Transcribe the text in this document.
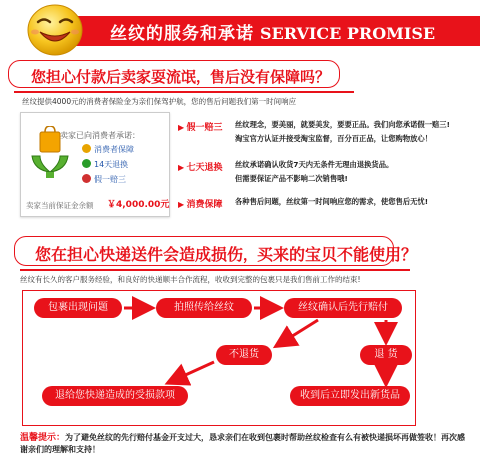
丝纹的服务和承诺 SERVICE PROMISE
您担心付款后卖家耍流氓，售后没有保障吗？
丝纹提供4000元的消费者保险金为亲们保驾护航，您的售后问题我们第一时间响应
卖家已向消费者承诺：
消费者保障
14天退换
假一赔三
卖家当前保证金余额 ￥4,000.00元
▶ 假一赔三 丝纹理念，要美丽，就要美发，要要正品。我们向您承诺假一赔三!
淘宝官方认证并接受淘宝监督，百分百正品，让您购物放心！
▶ 七天退换 丝纹承诺确认收货7天内无条件无理由退换货品。
但需要保证产品不影响二次销售哦!
▶ 消费保障 各种售后问题，丝纹第一时间响应您的需求，使您售后无忧!
您在担心快递送件会造成损伤，买来的宝贝不能使用？
丝纹有长久的客户服务经验，和良好的快递顺丰合作流程，收收到完整的包裹只是我们售前工作的结束!
包裹出现问题	拍照传给丝纹	丝纹确认后先行赔付
不退货	退 货
退给您快递造成的受损款项	收到后立即发出新货品
温馨提示：为了避免丝纹的先行赔付基金开支过大，恳求亲们在收到包裹时帮助丝纹检查有么有被快递损坏再做签收！再次感谢亲们的理解和支持！
